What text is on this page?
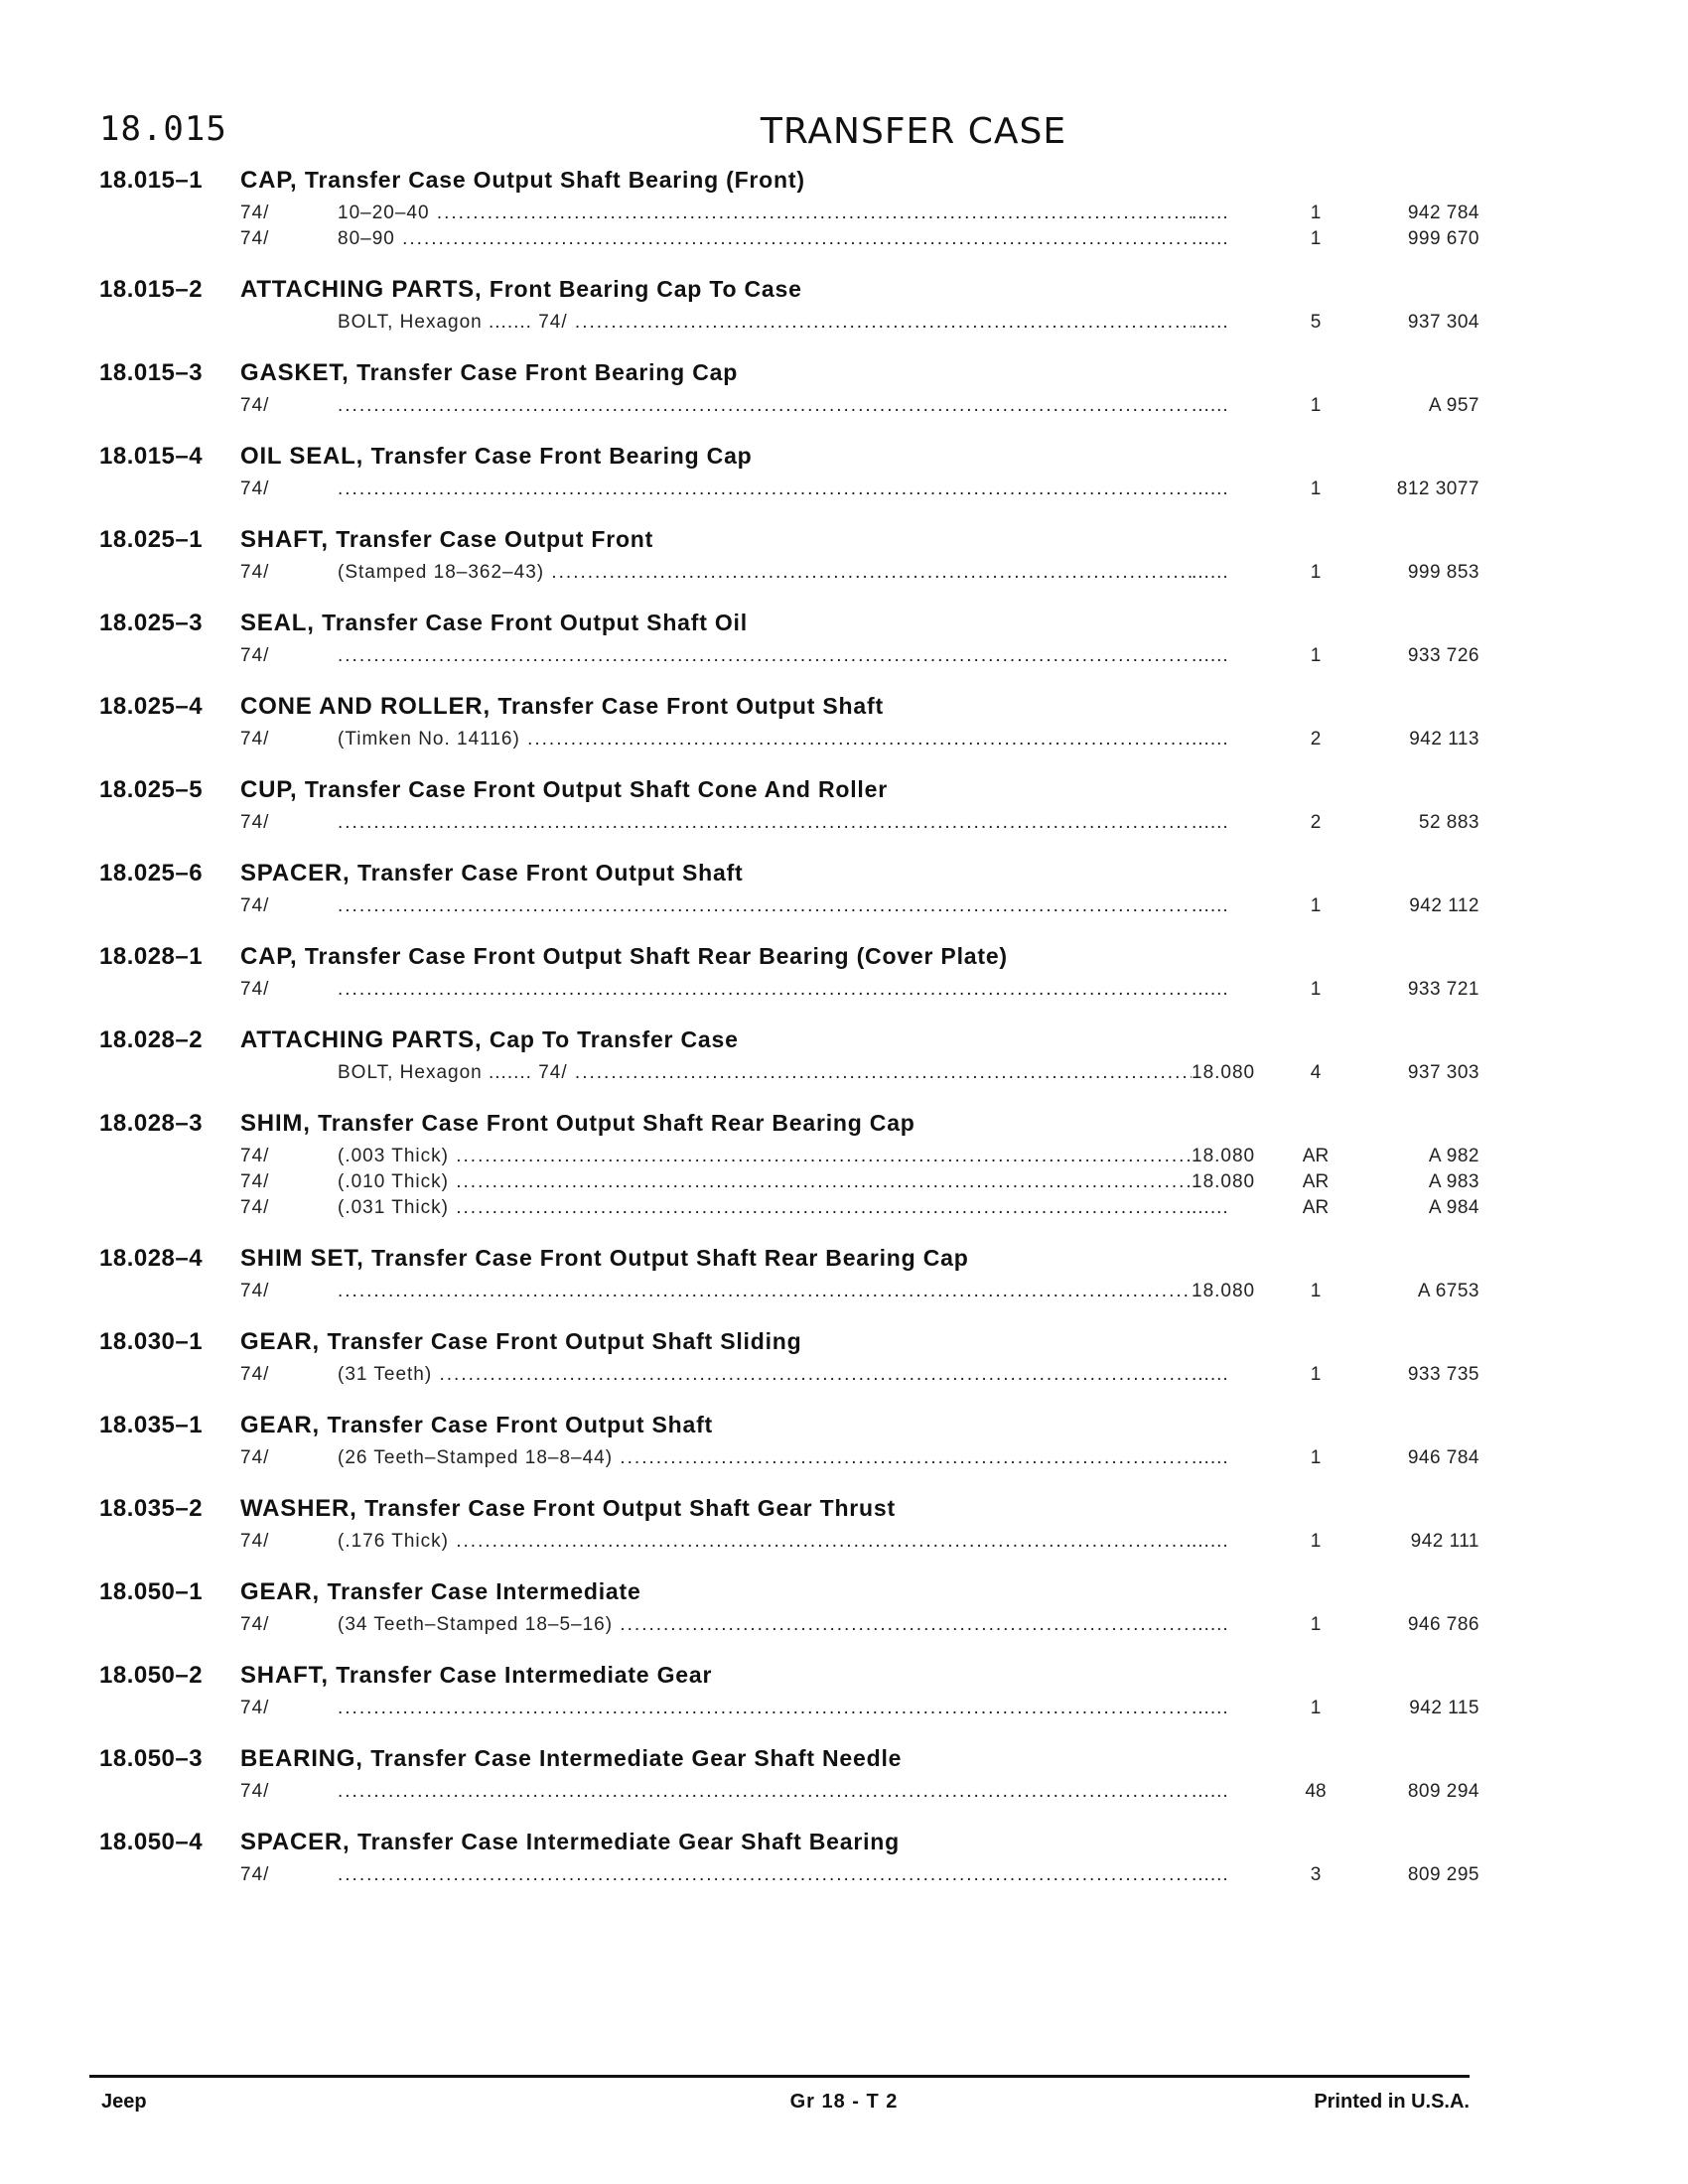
18.015	TRANSFER CASE
18.015–1	CAP, Transfer Case Output Shaft Bearing (Front)
74/	10–20–40 .....	......	1	942 784
74/	80–90 .....	......	1	999 670
18.015–2	ATTACHING PARTS, Front Bearing Cap To Case
BOLT, Hexagon ....... 74/ .....	......	5	937 304
18.015–3	GASKET, Transfer Case Front Bearing Cap
74/ .....	......	1	A 957
18.015–4	OIL SEAL, Transfer Case Front Bearing Cap
74/ .....	......	1	812 3077
18.025–1	SHAFT, Transfer Case Output Front
74/	(Stamped 18–362–43) .....	......	1	999 853
18.025–3	SEAL, Transfer Case Front Output Shaft Oil
74/ .....	......	1	933 726
18.025–4	CONE AND ROLLER, Transfer Case Front Output Shaft
74/	(Timken No. 14116) .....	......	2	942 113
18.025–5	CUP, Transfer Case Front Output Shaft Cone And Roller
74/ .....	......	2	52 883
18.025–6	SPACER, Transfer Case Front Output Shaft
74/ .....	......	1	942 112
18.028–1	CAP, Transfer Case Front Output Shaft Rear Bearing (Cover Plate)
74/ .....	......	1	933 721
18.028–2	ATTACHING PARTS, Cap To Transfer Case
BOLT, Hexagon ....... 74/ .....	18.080	4	937 303
18.028–3	SHIM, Transfer Case Front Output Shaft Rear Bearing Cap
74/	(.003 Thick) .....	18.080	AR	A 982
74/	(.010 Thick) .....	18.080	AR	A 983
74/	(.031 Thick) .....	......	AR	A 984
18.028–4	SHIM SET, Transfer Case Front Output Shaft Rear Bearing Cap
74/ .....	18.080	1	A 6753
18.030–1	GEAR, Transfer Case Front Output Shaft Sliding
74/	(31 Teeth) .....	......	1	933 735
18.035–1	GEAR, Transfer Case Front Output Shaft
74/	(26 Teeth–Stamped 18–8–44) .....	......	1	946 784
18.035–2	WASHER, Transfer Case Front Output Shaft Gear Thrust
74/	(.176 Thick) .....	......	1	942 111
18.050–1	GEAR, Transfer Case Intermediate
74/	(34 Teeth–Stamped 18–5–16) .....	......	1	946 786
18.050–2	SHAFT, Transfer Case Intermediate Gear
74/ .....	......	1	942 115
18.050–3	BEARING, Transfer Case Intermediate Gear Shaft Needle
74/ .....	......	48	809 294
18.050–4	SPACER, Transfer Case Intermediate Gear Shaft Bearing
74/ .....	......	3	809 295
Jeep	Gr 18 - T 2	Printed in U.S.A.
